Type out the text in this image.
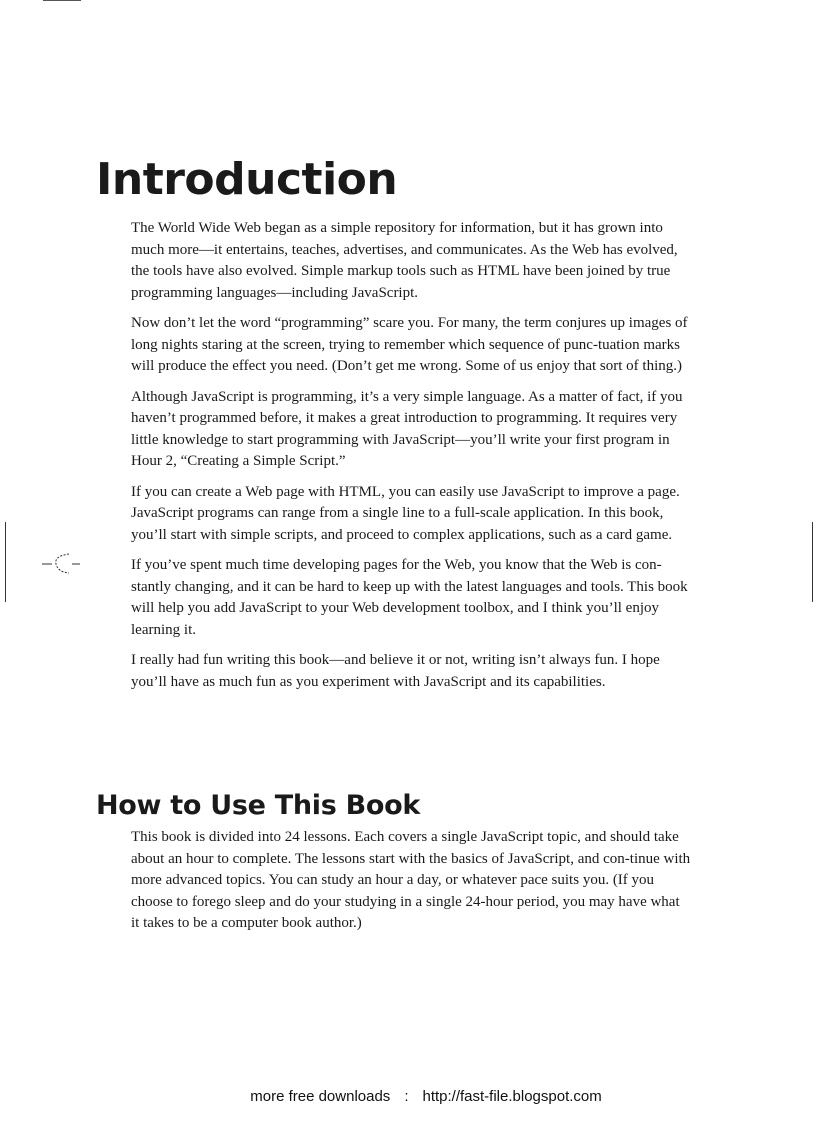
Introduction

The World Wide Web began as a simple repository for information, but it has grown into much more—it entertains, teaches, advertises, and communicates. As the Web has evolved, the tools have also evolved. Simple markup tools such as HTML have been joined by true programming languages—including JavaScript.

Now don’t let the word “programming” scare you. For many, the term conjures up images of long nights staring at the screen, trying to remember which sequence of punc-tuation marks will produce the effect you need. (Don’t get me wrong. Some of us enjoy that sort of thing.)

Although JavaScript is programming, it’s a very simple language. As a matter of fact, if you haven’t programmed before, it makes a great introduction to programming. It requires very little knowledge to start programming with JavaScript—you’ll write your first program in Hour 2, “Creating a Simple Script.”

If you can create a Web page with HTML, you can easily use JavaScript to improve a page. JavaScript programs can range from a single line to a full-scale application. In this book, you’ll start with simple scripts, and proceed to complex applications, such as a card game.

If you’ve spent much time developing pages for the Web, you know that the Web is con-stantly changing, and it can be hard to keep up with the latest languages and tools. This book will help you add JavaScript to your Web development toolbox, and I think you’ll enjoy learning it.

I really had fun writing this book—and believe it or not, writing isn’t always fun. I hope you’ll have as much fun as you experiment with JavaScript and its capabilities.

How to Use This Book

This book is divided into 24 lessons. Each covers a single JavaScript topic, and should take about an hour to complete. The lessons start with the basics of JavaScript, and con-tinue with more advanced topics. You can study an hour a day, or whatever pace suits you. (If you choose to forego sleep and do your studying in a single 24-hour period, you may have what it takes to be a computer book author.)

more free downloads : http://fast-file.blogspot.com
